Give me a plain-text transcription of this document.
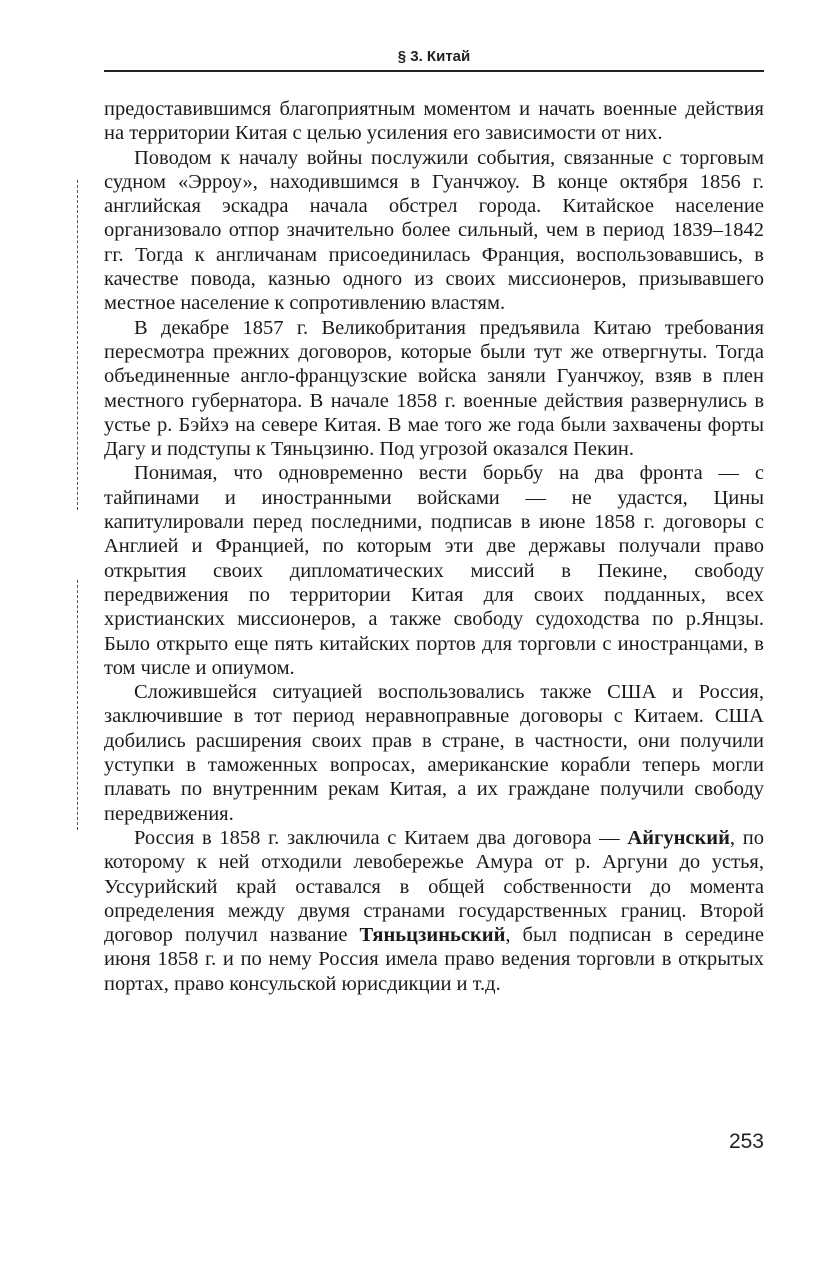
§ 3. Китай

предоставившимся благоприятным моментом и начать военные действия на территории Китая с целью усиления его зависимости от них.

Поводом к началу войны послужили события, связанные с торговым судном «Эрроу», находившимся в Гуанчжоу. В конце октября 1856 г. английская эскадра начала обстрел города. Китайское население организовало отпор значительно более сильный, чем в период 1839–1842 гг. Тогда к англичанам присоединилась Франция, воспользовавшись, в качестве повода, казнью одного из своих миссионеров, призывавшего местное население к сопротивлению властям.

В декабре 1857 г. Великобритания предъявила Китаю требования пересмотра прежних договоров, которые были тут же отвергнуты. Тогда объединенные англо-французские войска заняли Гуанчжоу, взяв в плен местного губернатора. В начале 1858 г. военные действия развернулись в устье р. Бэйхэ на севере Китая. В мае того же года были захвачены форты Дагу и подступы к Тяньцзиню. Под угрозой оказался Пекин.

Понимая, что одновременно вести борьбу на два фронта — с тайпинами и иностранными войсками — не удастся, Цины капитулировали перед последними, подписав в июне 1858 г. договоры с Англией и Францией, по которым эти две державы получали право открытия своих дипломатических миссий в Пекине, свободу передвижения по территории Китая для своих подданных, всех христианских миссионеров, а также свободу судоходства по р.Янцзы. Было открыто еще пять китайских портов для торговли с иностранцами, в том числе и опиумом.

Сложившейся ситуацией воспользовались также США и Россия, заключившие в тот период неравноправные договоры с Китаем. США добились расширения своих прав в стране, в частности, они получили уступки в таможенных вопросах, американские корабли теперь могли плавать по внутренним рекам Китая, а их граждане получили свободу передвижения.

Россия в 1858 г. заключила с Китаем два договора — Айгунский, по которому к ней отходили левобережье Амура от р. Аргуни до устья, Уссурийский край оставался в общей собственности до момента определения между двумя странами государственных границ. Второй договор получил название Тяньцзиньский, был подписан в середине июня 1858 г. и по нему Россия имела право ведения торговли в открытых портах, право консульской юрисдикции и т.д.

253
